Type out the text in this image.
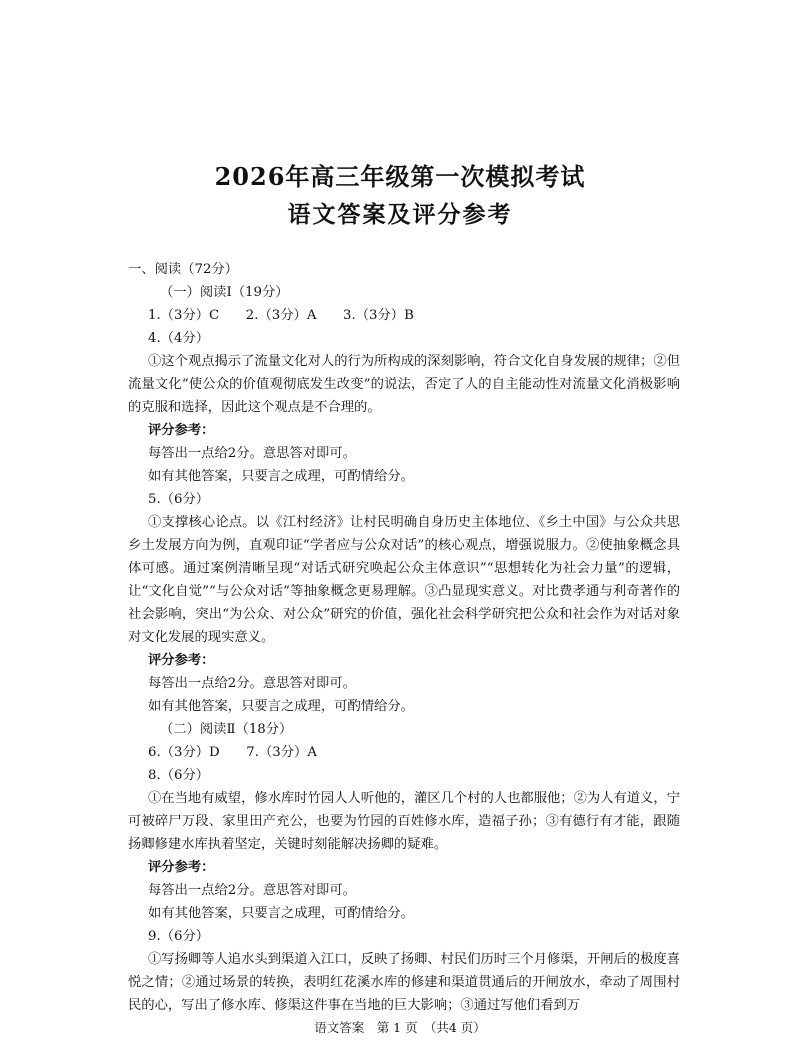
2026年高三年级第一次模拟考试
语文答案及评分参考
一、阅读（72分）
（一）阅读Ⅰ（19分）
1.（3分）C　　2.（3分）A　　3.（3分）B
4.（4分）
①这个观点揭示了流量文化对人的行为所构成的深刻影响，符合文化自身发展的规律；②但流量文化“使公众的价值观彻底发生改变”的说法，否定了人的自主能动性对流量文化消极影响的克服和选择，因此这个观点是不合理的。
评分参考：
每答出一点给2分。意思答对即可。
如有其他答案，只要言之成理，可酌情给分。
5.（6分）
①支撑核心论点。以《江村经济》让村民明确自身历史主体地位、《乡土中国》与公众共思乡土发展方向为例，直观印证“学者应与公众对话”的核心观点，增强说服力。②使抽象概念具体可感。通过案例清晰呈现“对话式研究唤起公众主体意识”“思想转化为社会力量”的逻辑，让“文化自觉”“与公众对话”等抽象概念更易理解。③凸显现实意义。对比费孝通与利奇著作的社会影响，突出“为公众、对公众”研究的价值，强化社会科学研究把公众和社会作为对话对象对文化发展的现实意义。
评分参考：
每答出一点给2分。意思答对即可。
如有其他答案，只要言之成理，可酌情给分。
（二）阅读Ⅱ（18分）
6.（3分）D　　7.（3分）A
8.（6分）
①在当地有威望，修水库时竹园人人听他的，灌区几个村的人也都服他；②为人有道义，宁可被碎尸万段、家里田产充公，也要为竹园的百姓修水库，造福子孙；③有德行有才能，跟随扬卿修建水库执着坚定，关键时刻能解决扬卿的疑难。
评分参考：
每答出一点给2分。意思答对即可。
如有其他答案，只要言之成理，可酌情给分。
9.（6分）
①写扬卿等人追水头到渠道入江口，反映了扬卿、村民们历时三个月修渠，开闸后的极度喜悦之情；②通过场景的转换，表明红花溪水库的修建和渠道贯通后的开闸放水，牵动了周围村民的心，写出了修水库、修渠这件事在当地的巨大影响；③通过写他们看到万
语文答案　第 1 页　（共4 页）
